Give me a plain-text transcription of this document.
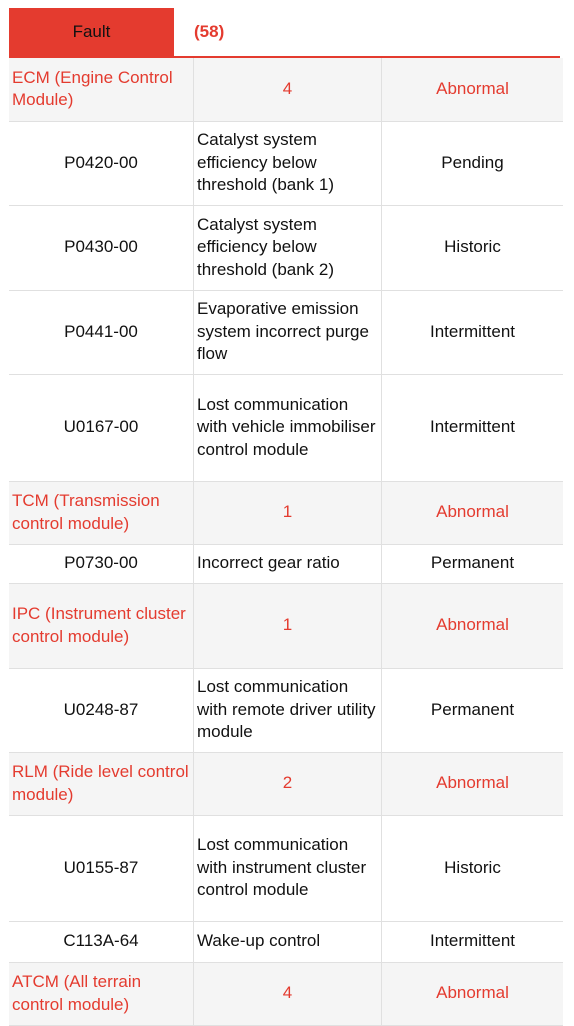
Fault	(58)
ECM (Engine Control Module)	4	Abnormal
P0420-00	Catalyst system efficiency below threshold (bank 1)	Pending
P0430-00	Catalyst system efficiency below threshold (bank 2)	Historic
P0441-00	Evaporative emission system incorrect purge flow	Intermittent
U0167-00	Lost communication with vehicle immobiliser control module	Intermittent
TCM (Transmission control module)	1	Abnormal
P0730-00	Incorrect gear ratio	Permanent
IPC (Instrument cluster control module)	1	Abnormal
U0248-87	Lost communication with remote driver utility module	Permanent
RLM (Ride level control module)	2	Abnormal
U0155-87	Lost communication with instrument cluster control module	Historic
C113A-64	Wake-up control	Intermittent
ATCM (All terrain control module)	4	Abnormal
